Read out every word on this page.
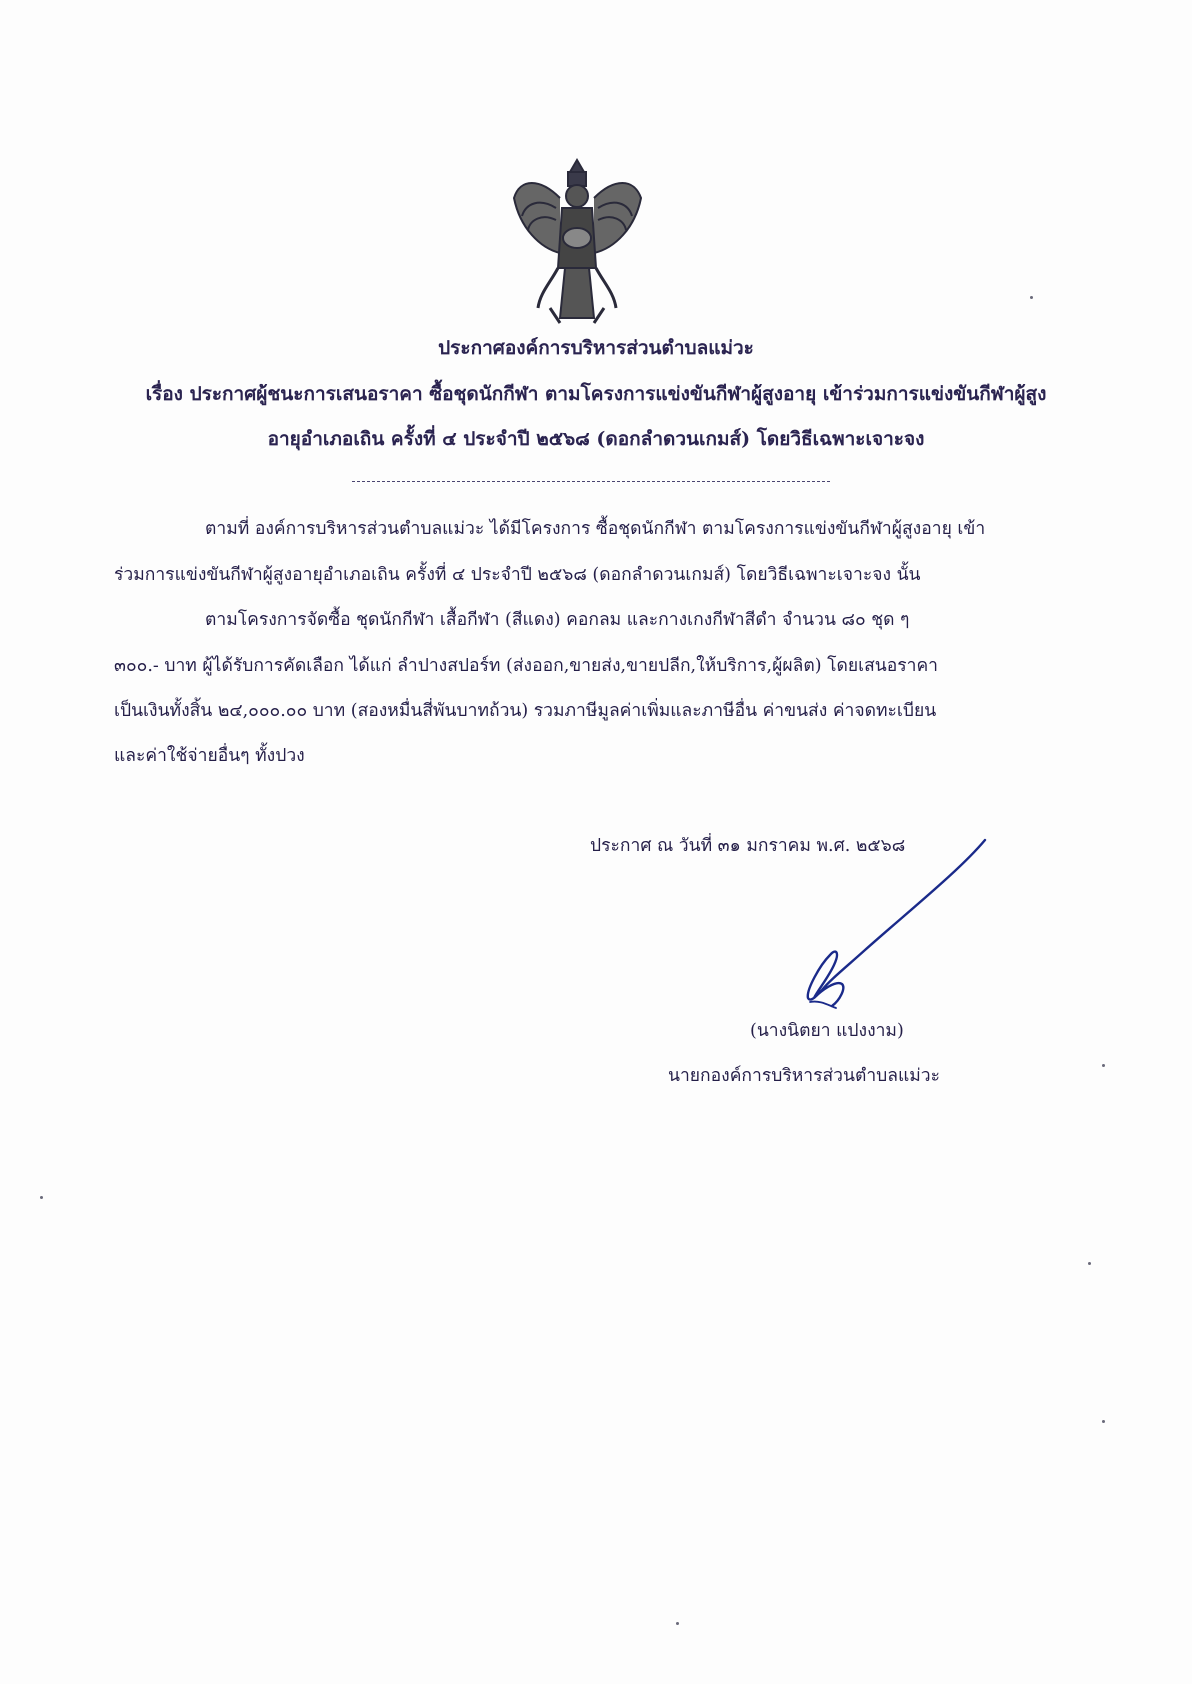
ประกาศองค์การบริหารส่วนตำบลแม่วะ
เรื่อง ประกาศผู้ชนะการเสนอราคา ซื้อชุดนักกีฬา ตามโครงการแข่งขันกีฬาผู้สูงอายุ เข้าร่วมการแข่งขันกีฬาผู้สูง
อายุอำเภอเถิน ครั้งที่ ๔ ประจำปี ๒๕๖๘ (ดอกลำดวนเกมส์) โดยวิธีเฉพาะเจาะจง
ตามที่ องค์การบริหารส่วนตำบลแม่วะ ได้มีโครงการ ซื้อชุดนักกีฬา ตามโครงการแข่งขันกีฬาผู้สูงอายุ เข้า
ร่วมการแข่งขันกีฬาผู้สูงอายุอำเภอเถิน ครั้งที่ ๔ ประจำปี ๒๕๖๘ (ดอกลำดวนเกมส์) โดยวิธีเฉพาะเจาะจง นั้น
ตามโครงการจัดซื้อ ชุดนักกีฬา เสื้อกีฬา (สีแดง) คอกลม และกางเกงกีฬาสีดำ จำนวน ๘๐ ชุด ๆ
๓๐๐.- บาท ผู้ได้รับการคัดเลือก ได้แก่ ลำปางสปอร์ท (ส่งออก,ขายส่ง,ขายปลีก,ให้บริการ,ผู้ผลิต) โดยเสนอราคา
เป็นเงินทั้งสิ้น ๒๔,๐๐๐.๐๐ บาท (สองหมื่นสี่พันบาทถ้วน) รวมภาษีมูลค่าเพิ่มและภาษีอื่น ค่าขนส่ง ค่าจดทะเบียน
และค่าใช้จ่ายอื่นๆ ทั้งปวง
ประกาศ ณ วันที่ ๓๑ มกราคม พ.ศ. ๒๕๖๘
(นางนิตยา แปงงาม)
นายกองค์การบริหารส่วนตำบลแม่วะ
